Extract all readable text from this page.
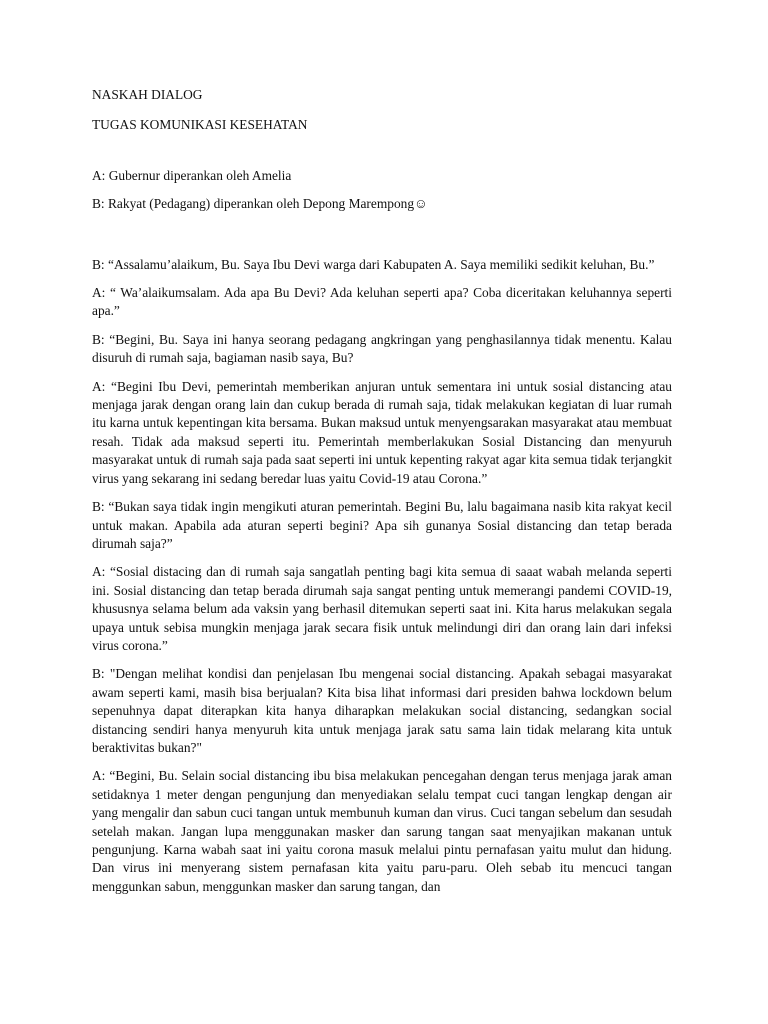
NASKAH DIALOG

TUGAS KOMUNIKASI KESEHATAN

A: Gubernur diperankan oleh Amelia

B: Rakyat (Pedagang) diperankan oleh Depong Marempong☺

B: “Assalamu’alaikum, Bu. Saya Ibu Devi warga dari Kabupaten A. Saya memiliki sedikit keluhan, Bu.”

A: “ Wa’alaikumsalam. Ada apa Bu Devi? Ada keluhan seperti apa? Coba diceritakan keluhannya seperti apa.”

B: “Begini, Bu. Saya ini hanya seorang pedagang angkringan yang penghasilannya tidak menentu. Kalau disuruh di rumah saja, bagiaman nasib saya, Bu?

A: “Begini Ibu Devi, pemerintah memberikan anjuran untuk sementara ini untuk sosial distancing atau menjaga jarak dengan orang lain dan cukup berada di rumah saja, tidak melakukan kegiatan di luar rumah itu karna untuk kepentingan kita bersama. Bukan maksud untuk menyengsarakan masyarakat atau membuat resah. Tidak ada maksud seperti itu. Pemerintah memberlakukan Sosial Distancing dan menyuruh masyarakat untuk di rumah saja pada saat seperti ini untuk kepenting rakyat agar kita semua tidak terjangkit virus yang sekarang ini sedang beredar luas yaitu Covid-19 atau Corona.”

B: “Bukan saya tidak ingin mengikuti aturan pemerintah. Begini Bu, lalu bagaimana nasib kita rakyat kecil untuk makan. Apabila ada aturan seperti begini? Apa sih gunanya Sosial distancing dan tetap berada dirumah saja?”

A: “Sosial distacing dan di rumah saja sangatlah penting bagi kita semua di saaat wabah melanda seperti ini. Sosial distancing dan tetap berada dirumah saja sangat penting untuk memerangi pandemi COVID-19, khususnya selama belum ada vaksin yang berhasil ditemukan seperti saat ini. Kita harus melakukan segala upaya untuk sebisa mungkin menjaga jarak secara fisik untuk melindungi diri dan orang lain dari infeksi virus corona.”

B: "Dengan melihat kondisi dan penjelasan Ibu mengenai social distancing. Apakah sebagai masyarakat awam seperti kami, masih bisa berjualan? Kita bisa lihat informasi dari presiden bahwa lockdown belum sepenuhnya dapat diterapkan kita hanya diharapkan melakukan social distancing, sedangkan social distancing sendiri hanya menyuruh kita untuk menjaga jarak satu sama lain tidak melarang kita untuk beraktivitas bukan?"

A: “Begini, Bu. Selain social distancing ibu bisa melakukan pencegahan dengan terus menjaga jarak aman setidaknya 1 meter dengan pengunjung dan menyediakan selalu tempat cuci tangan lengkap dengan air yang mengalir dan sabun cuci tangan untuk membunuh kuman dan virus. Cuci tangan sebelum dan sesudah setelah makan. Jangan lupa menggunakan masker dan sarung tangan saat menyajikan makanan untuk pengunjung. Karna wabah saat ini yaitu corona masuk melalui pintu pernafasan yaitu mulut dan hidung. Dan virus ini menyerang sistem pernafasan kita yaitu paru-paru. Oleh sebab itu mencuci tangan menggunkan sabun, menggunkan masker dan sarung tangan, dan
